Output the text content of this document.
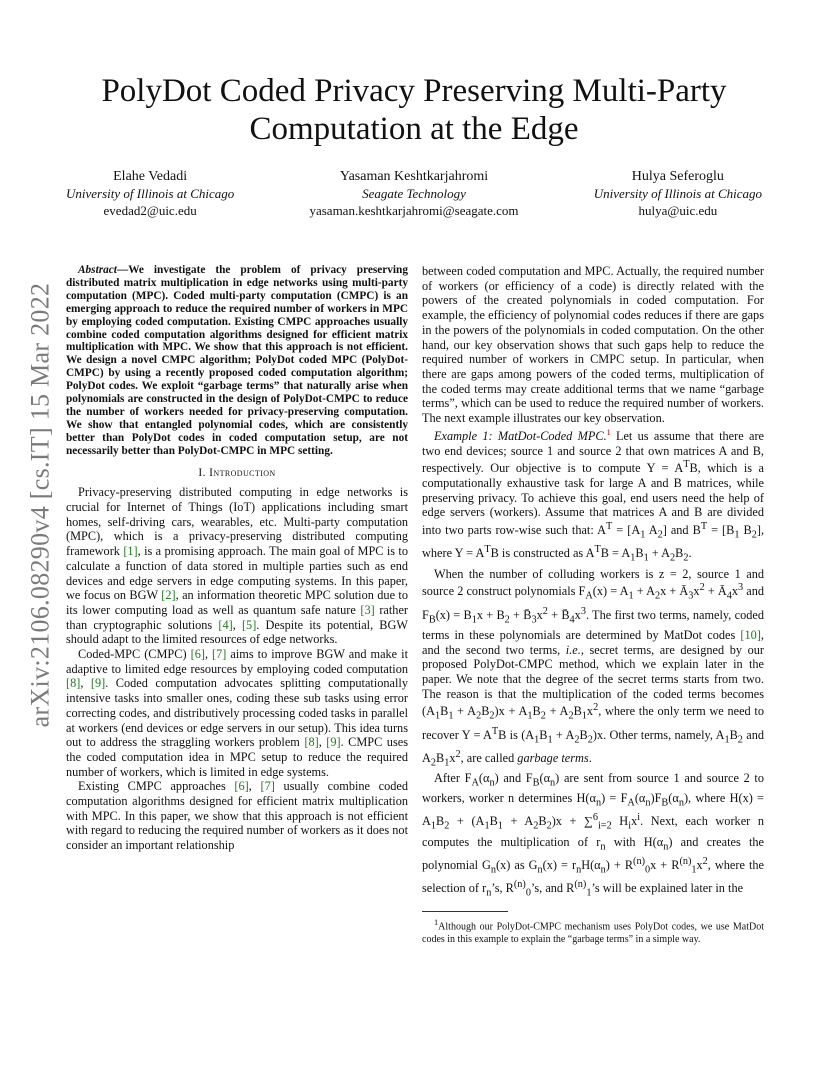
arXiv:2106.08290v4 [cs.IT] 15 Mar 2022
PolyDot Coded Privacy Preserving Multi-Party Computation at the Edge
Elahe Vedadi
University of Illinois at Chicago
evedad2@uic.edu
Yasaman Keshtkarjahromi
Seagate Technology
yasaman.keshtkarjahromi@seagate.com
Hulya Seferoglu
University of Illinois at Chicago
hulya@uic.edu

Abstract—We investigate the problem of privacy preserving distributed matrix multiplication in edge networks using multi-party computation (MPC). Coded multi-party computation (CMPC) is an emerging approach to reduce the required number of workers in MPC by employing coded computation. Existing CMPC approaches usually combine coded computation algorithms designed for efficient matrix multiplication with MPC. We show that this approach is not efficient. We design a novel CMPC algorithm; PolyDot coded MPC (PolyDot-CMPC) by using a recently proposed coded computation algorithm; PolyDot codes. We exploit “garbage terms” that naturally arise when polynomials are constructed in the design of PolyDot-CMPC to reduce the number of workers needed for privacy-preserving computation. We show that entangled polynomial codes, which are consistently better than PolyDot codes in coded computation setup, are not necessarily better than PolyDot-CMPC in MPC setting.

I. Introduction

Privacy-preserving distributed computing in edge networks is crucial for Internet of Things (IoT) applications including smart homes, self-driving cars, wearables, etc. Multi-party computation (MPC), which is a privacy-preserving distributed computing framework [1], is a promising approach. The main goal of MPC is to calculate a function of data stored in multiple parties such as end devices and edge servers in edge computing systems. In this paper, we focus on BGW [2], an information theoretic MPC solution due to its lower computing load as well as quantum safe nature [3] rather than cryptographic solutions [4], [5]. Despite its potential, BGW should adapt to the limited resources of edge networks.

Coded-MPC (CMPC) [6], [7] aims to improve BGW and make it adaptive to limited edge resources by employing coded computation [8], [9]. Coded computation advocates splitting computationally intensive tasks into smaller ones, coding these sub tasks using error correcting codes, and distributively processing coded tasks in parallel at workers (end devices or edge servers in our setup). This idea turns out to address the straggling workers problem [8], [9]. CMPC uses the coded computation idea in MPC setup to reduce the required number of workers, which is limited in edge systems.

Existing CMPC approaches [6], [7] usually combine coded computation algorithms designed for efficient matrix multiplication with MPC. In this paper, we show that this approach is not efficient with regard to reducing the required number of workers as it does not consider an important relationship

between coded computation and MPC. Actually, the required number of workers (or efficiency of a code) is directly related with the powers of the created polynomials in coded computation. For example, the efficiency of polynomial codes reduces if there are gaps in the powers of the polynomials in coded computation. On the other hand, our key observation shows that such gaps help to reduce the required number of workers in CMPC setup. In particular, when there are gaps among powers of the coded terms, multiplication of the coded terms may create additional terms that we name “garbage terms”, which can be used to reduce the required number of workers. The next example illustrates our key observation.

Example 1: MatDot-Coded MPC.$^1$ Let us assume that there are two end devices; source 1 and source 2 that own matrices A and B, respectively. Our objective is to compute $Y = A^TB$, which is a computationally exhaustive task for large A and B matrices, while preserving privacy. To achieve this goal, end users need the help of edge servers (workers). Assume that matrices A and B are divided into two parts row-wise such that: $A^T = [A_1$ $A_2$] and $B^T = [B_1$ $B_2$], where $Y = A^TB$ is constructed as $A^TB = A_1B_1 + A_2B_2$.

When the number of colluding workers is z = 2, source 1 and source 2 construct polynomials $F_A(x) = A_1 + A_2x$ + $Ā_3x^2$ + $Ā_4x^3$ and $F_B(x) = B_1x + B_2$ + $B̄_3x^2$ + $B̄_4x^3$. The first two terms, namely, coded terms in these polynomials are determined by MatDot codes [10], and the second two terms, i.e., secret terms, are designed by our proposed PolyDot-CMPC method, which we explain later in the paper. We note that the degree of the secret terms starts from two. The reason is that the multiplication of the coded terms becomes $(A_1B_1 + A_2B_2)x + A_1B_2 + A_2B_1x^2$, where the only term we need to recover $Y = A^TB$ is $(A_1B_1 + A_2B_2)x$. Other terms, namely, $A_1B_2$ and $A_2B_1x^2$, are called garbage terms.

After $F_A(\alpha_n)$ and $F_B(\alpha_n)$ are sent from source 1 and source 2 to workers, worker n determines $H(\alpha_n) = F_A(\alpha_n)F_B(\alpha_n)$, where $H(x) = A_1B_2 + (A_1B_1 + A_2B_2)x + \sum^6_{i=2}$ $H_ix^i$. Next, each worker n computes the multiplication of $r_n$ with $H(\alpha_n)$ and creates the polynomial $G_n(x)$ as $G_n(x) = r_nH(\alpha_n) + R^{(n)}_0x + R^{(n)}_1x^2$, where the selection of $r_n’s$, $R^{(n)}_0’s$, and $R^{(n)}_1’s$ will be explained later in the

$^1$Although our PolyDot-CMPC mechanism uses PolyDot codes, we use MatDot codes in this example to explain the “garbage terms” in a simple way.
